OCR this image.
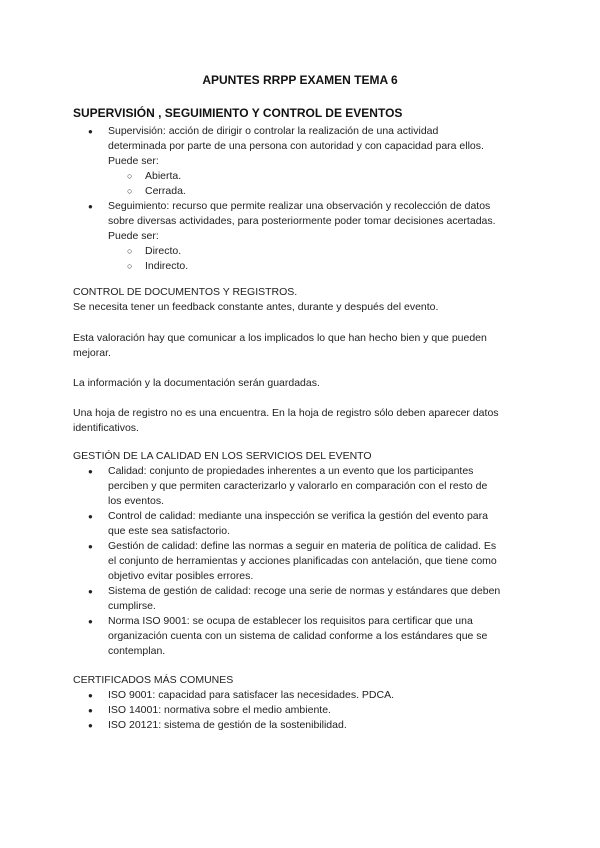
APUNTES RRPP EXAMEN TEMA 6
SUPERVISIÓN , SEGUIMIENTO Y CONTROL DE EVENTOS
● Supervisión: acción de dirigir o controlar la realización de una actividad
determinada por parte de una persona con autoridad y con capacidad para ellos.
Puede ser:
○ Abierta.
○ Cerrada.
● Seguimiento: recurso que permite realizar una observación y recolección de datos
sobre diversas actividades, para posteriormente poder tomar decisiones acertadas.
Puede ser:
○ Directo.
○ Indirecto.
CONTROL DE DOCUMENTOS Y REGISTROS.
Se necesita tener un feedback constante antes, durante y después del evento.
Esta valoración hay que comunicar a los implicados lo que han hecho bien y que pueden
mejorar.
La información y la documentación serán guardadas.
Una hoja de registro no es una encuentra. En la hoja de registro sólo deben aparecer datos
identificativos.
GESTIÓN DE LA CALIDAD EN LOS SERVICIOS DEL EVENTO
● Calidad: conjunto de propiedades inherentes a un evento que los participantes
perciben y que permiten caracterizarlo y valorarlo en comparación con el resto de
los eventos.
● Control de calidad: mediante una inspección se verifica la gestión del evento para
que este sea satisfactorio.
● Gestión de calidad: define las normas a seguir en materia de política de calidad. Es
el conjunto de herramientas y acciones planificadas con antelación, que tiene como
objetivo evitar posibles errores.
● Sistema de gestión de calidad: recoge una serie de normas y estándares que deben
cumplirse.
● Norma ISO 9001: se ocupa de establecer los requisitos para certificar que una
organización cuenta con un sistema de calidad conforme a los estándares que se
contemplan.
CERTIFICADOS MÁS COMUNES
● ISO 9001: capacidad para satisfacer las necesidades. PDCA.
● ISO 14001: normativa sobre el medio ambiente.
● ISO 20121: sistema de gestión de la sostenibilidad.
